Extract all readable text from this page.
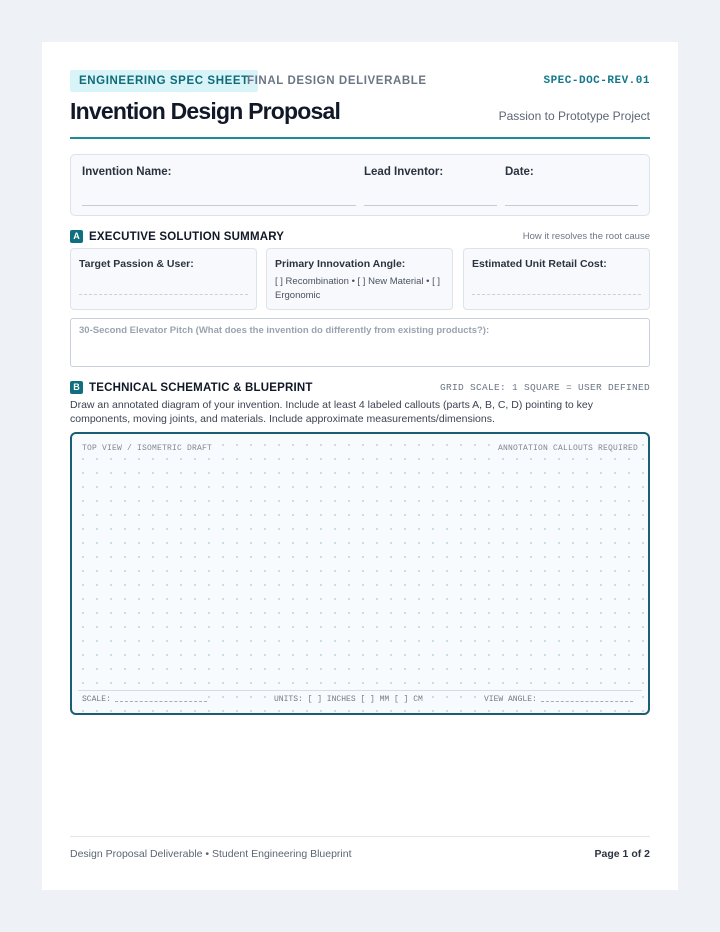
ENGINEERING SPEC SHEET
FINAL DESIGN DELIVERABLE	SPEC-DOC-REV.01
Invention Design Proposal	Passion to Prototype Project
Invention Name:	Lead Inventor:	Date:
A EXECUTIVE SOLUTION SUMMARY	How it resolves the root cause
Target Passion & User:	Primary Innovation Angle:
[ ] Recombination • [ ] New Material • [ ] Ergonomic
Estimated Unit Retail Cost:
30-Second Elevator Pitch (What does the invention do differently from existing products?):
B TECHNICAL SCHEMATIC & BLUEPRINT	GRID SCALE: 1 SQUARE = USER DEFINED
Draw an annotated diagram of your invention. Include at least 4 labeled callouts (parts A, B, C, D) pointing to key components, moving joints, and materials. Include approximate measurements/dimensions.
TOP VIEW / ISOMETRIC DRAFT	ANNOTATION CALLOUTS REQUIRED
SCALE:	UNITS: [ ] INCHES [ ] MM [ ] CM	VIEW ANGLE:
Design Proposal Deliverable • Student Engineering Blueprint	Page 1 of 2
